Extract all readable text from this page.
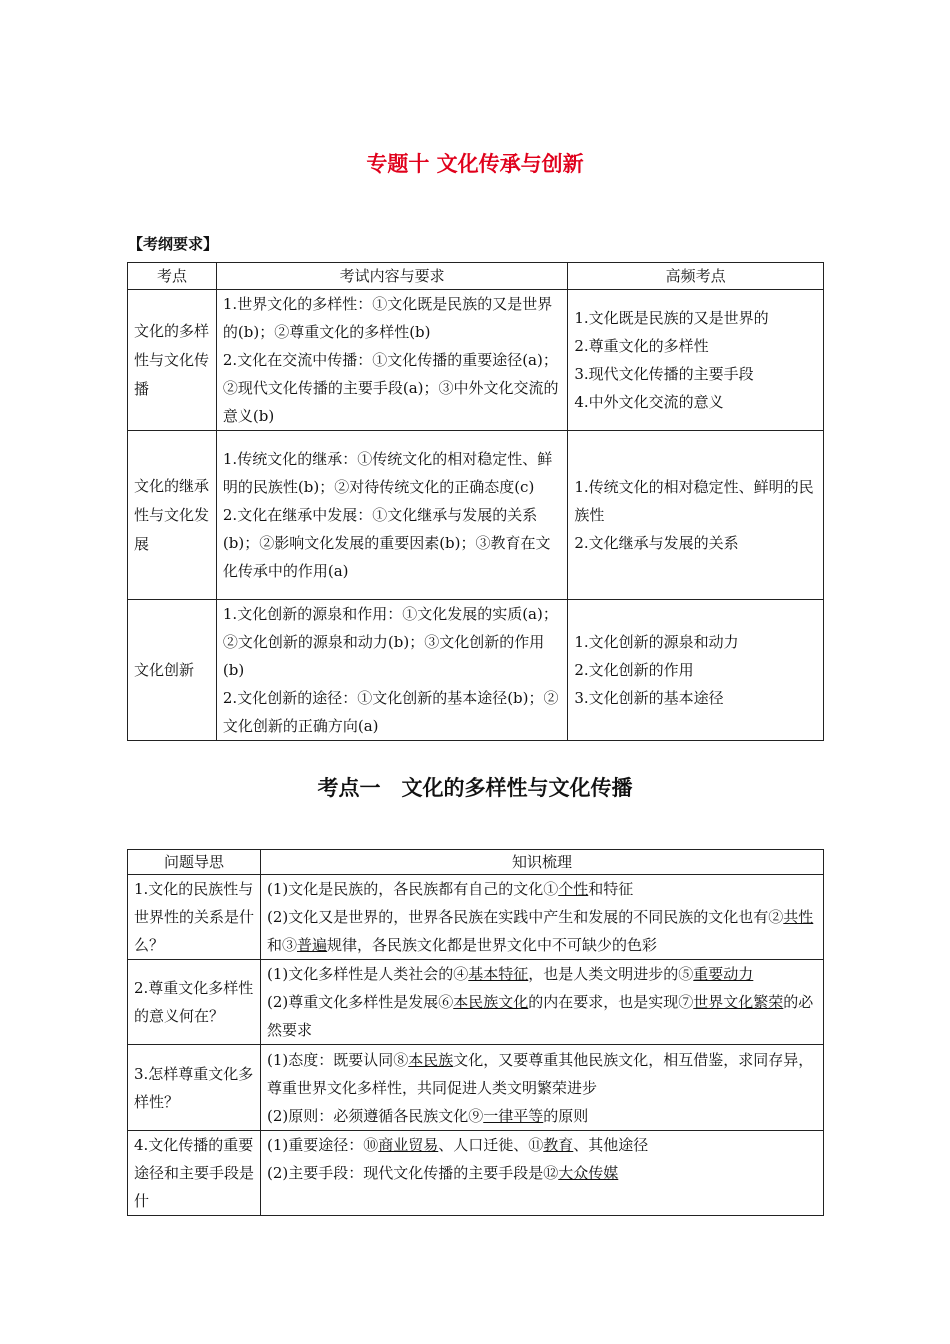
专题十 文化传承与创新
【考纲要求】
考点	考试内容与要求	高频考点
文化的多样性与文化传播	1.世界文化的多样性：①文化既是民族的又是世界的(b)；②尊重文化的多样性(b)
2.文化在交流中传播：①文化传播的重要途径(a)；②现代文化传播的主要手段(a)；③中外文化交流的意义(b)	1.文化既是民族的又是世界的
2.尊重文化的多样性
3.现代文化传播的主要手段
4.中外文化交流的意义

文化的继承性与文化发展	1.传统文化的继承：①传统文化的相对稳定性、鲜明的民族性(b)；②对待传统文化的正确态度(c)
2.文化在继承中发展：①文化继承与发展的关系(b)；②影响文化发展的重要因素(b)；③教育在文化传承中的作用(a)	1.传统文化的相对稳定性、鲜明的民族性
2.文化继承与发展的关系

文化创新	1.文化创新的源泉和作用：①文化发展的实质(a)；②文化创新的源泉和动力(b)；③文化创新的作用(b)
2.文化创新的途径：①文化创新的基本途径(b)；②文化创新的正确方向(a)	1.文化创新的源泉和动力
2.文化创新的作用
3.文化创新的基本途径
考点一　文化的多样性与文化传播
问题导思	知识梳理
1.文化的民族性与世界性的关系是什么？	(1)文化是民族的，各民族都有自己的文化①个性和特征
(2)文化又是世界的，世界各民族在实践中产生和发展的不同民族的文化也有②共性和③普遍规律，各民族文化都是世界文化中不可缺少的色彩

2.尊重文化多样性的意义何在？	(1)文化多样性是人类社会的④基本特征，也是人类文明进步的⑤重要动力
(2)尊重文化多样性是发展⑥本民族文化的内在要求，也是实现⑦世界文化繁荣的必然要求

3.怎样尊重文化多样性？	(1)态度：既要认同⑧本民族文化，又要尊重其他民族文化，相互借鉴，求同存异，尊重世界文化多样性，共同促进人类文明繁荣进步
(2)原则：必须遵循各民族文化⑨一律平等的原则

4.文化传播的重要途径和主要手段是什	(1)重要途径：⑩商业贸易、人口迁徙、⑪教育、其他途径
(2)主要手段：现代文化传播的主要手段是⑫大众传媒
